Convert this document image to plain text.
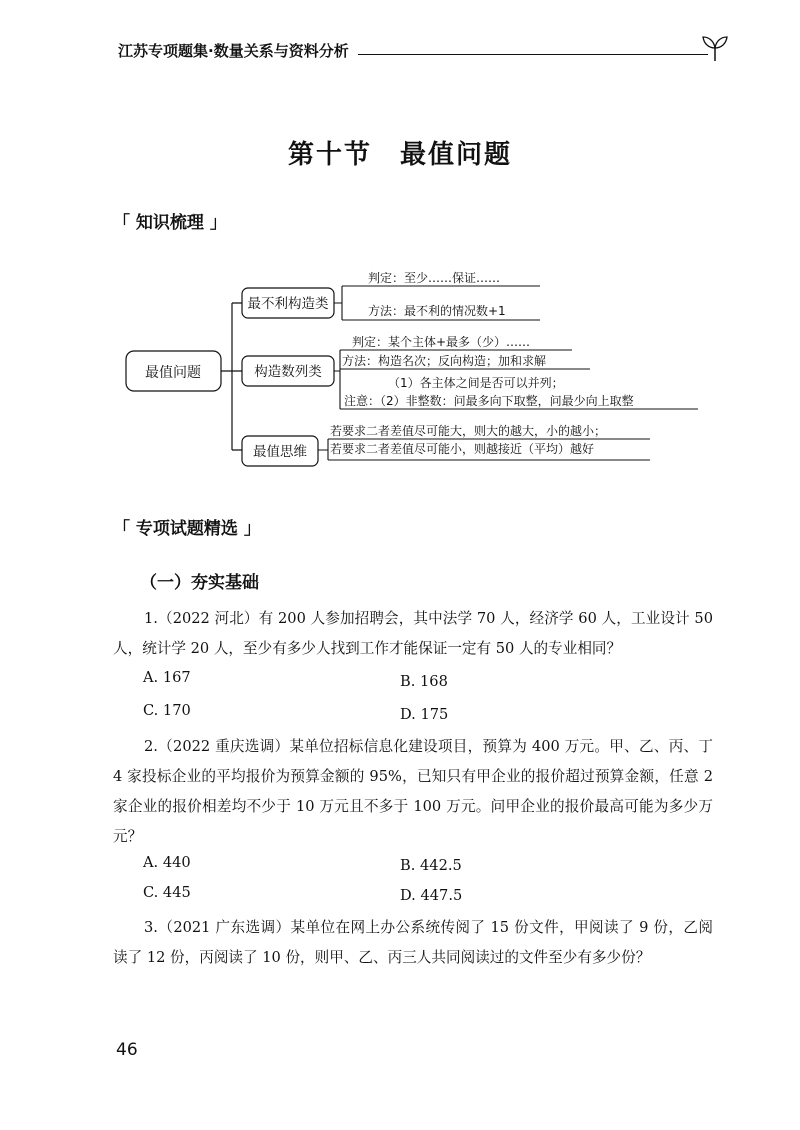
江苏专项题集·数量关系与资料分析
第十节　最值问题
「 知识梳理 」
最值问题
最不利构造类
判定：至少……保证……
方法：最不利的情况数+1
构造数列类
判定：某个主体+最多（少）……
方法：构造名次；反向构造；加和求解
（1）各主体之间是否可以并列；
注意：（2）非整数：问最多向下取整，问最少向上取整
最值思维
若要求二者差值尽可能大，则大的越大，小的越小；
若要求二者差值尽可能小，则越接近（平均）越好
「 专项试题精选 」
（一）夯实基础
1.（2022 河北）有 200 人参加招聘会，其中法学 70 人，经济学 60 人，工业设计 50 人，统计学 20 人，至少有多少人找到工作才能保证一定有 50 人的专业相同？
A. 167	B. 168
C. 170	D. 175
2.（2022 重庆选调）某单位招标信息化建设项目，预算为 400 万元。甲、乙、丙、丁 4 家投标企业的平均报价为预算金额的 95%，已知只有甲企业的报价超过预算金额，任意 2 家企业的报价相差均不少于 10 万元且不多于 100 万元。问甲企业的报价最高可能为多少万元？
A. 440	B. 442.5
C. 445	D. 447.5
3.（2021 广东选调）某单位在网上办公系统传阅了 15 份文件，甲阅读了 9 份，乙阅读了 12 份，丙阅读了 10 份，则甲、乙、丙三人共同阅读过的文件至少有多少份？
46
